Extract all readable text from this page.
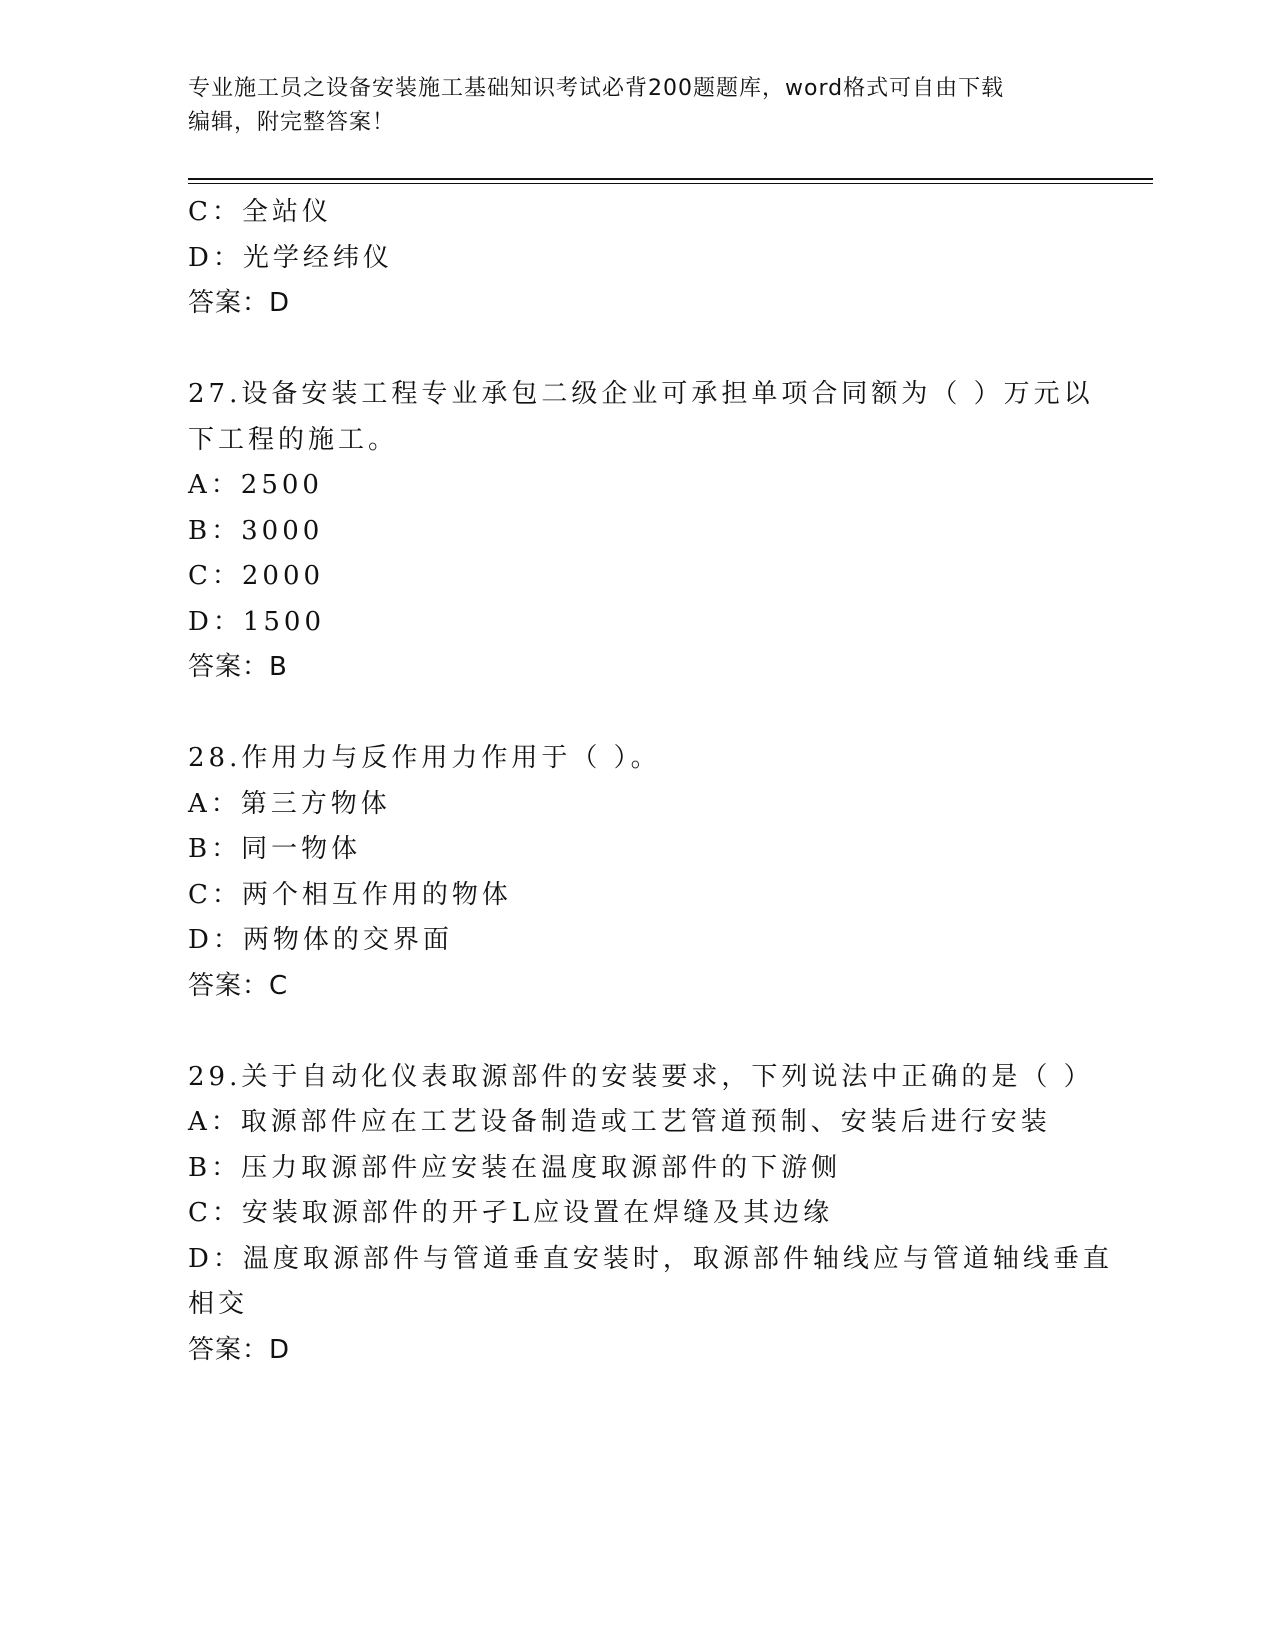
专业施工员之设备安装施工基础知识考试必背200题题库，word格式可自由下载
编辑，附完整答案！
C：全站仪
D：光学经纬仪
答案：D
27.设备安装工程专业承包二级企业可承担单项合同额为（ ）万元以
下工程的施工。
A：2500
B：3000
C：2000
D：1500
答案：B
28.作用力与反作用力作用于（ ）。
A：第三方物体
B：同一物体
C：两个相互作用的物体
D：两物体的交界面
答案：C
29.关于自动化仪表取源部件的安装要求，下列说法中正确的是（ ）
A：取源部件应在工艺设备制造或工艺管道预制、安装后进行安装
B：压力取源部件应安装在温度取源部件的下游侧
C：安装取源部件的开孑L应设置在焊缝及其边缘
D：温度取源部件与管道垂直安装时，取源部件轴线应与管道轴线垂直
相交
答案：D
